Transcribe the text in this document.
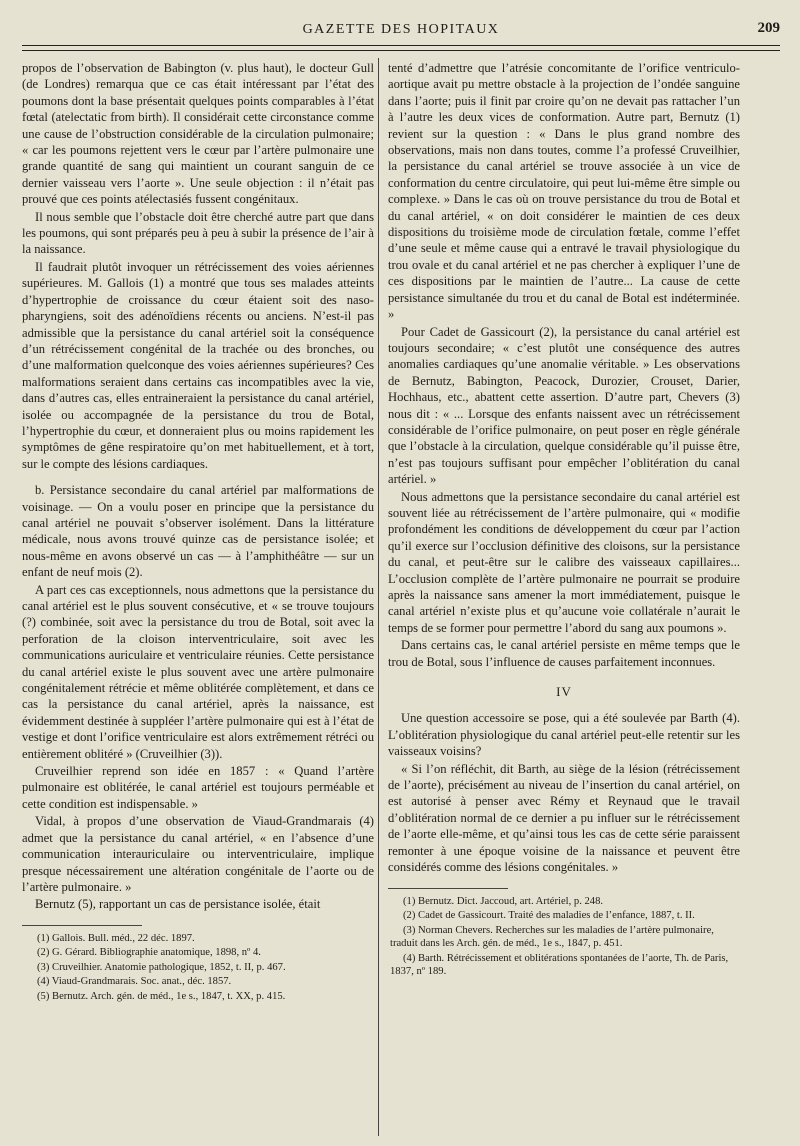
GAZETTE DES HOPITAUX	209

propos de l’observation de Babington (v. plus haut), le docteur Gull (de Londres) remarqua que ce cas était intéressant par l’état des poumons dont la base présentait quelques points comparables à l’état fœtal (atelectatic from birth). Il considérait cette circonstance comme une cause de l’obstruction considérable de la circulation pulmonaire; « car les poumons rejettent vers le cœur par l’artère pulmonaire une grande quantité de sang qui maintient un courant sanguin de ce dernier vaisseau vers l’aorte ». Une seule objection : il n’était pas prouvé que ces points atélectasiés fussent congénitaux.

Il nous semble que l’obstacle doit être cherché autre part que dans les poumons, qui sont préparés peu à peu à subir la présence de l’air à la naissance.

Il faudrait plutôt invoquer un rétrécissement des voies aériennes supérieures. M. Gallois (1) a montré que tous ses malades atteints d’hypertrophie de croissance du cœur étaient soit des naso-pharyngiens, soit des adénoïdiens récents ou anciens. N’est-il pas admissible que la persistance du canal artériel soit la conséquence d’un rétrécissement congénital de la trachée ou des bronches, ou d’une malformation quelconque des voies aériennes supérieures? Ces malformations seraient dans certains cas incompatibles avec la vie, dans d’autres cas, elles entraineraient la persistance du canal artériel, isolée ou accompagnée de la persistance du trou de Botal, l’hypertrophie du cœur, et donneraient plus ou moins rapidement les symptômes de gêne respiratoire qu’on met habituellement, et à tort, sur le compte des lésions cardiaques.

b. Persistance secondaire du canal artériel par malformations de voisinage. — On a voulu poser en principe que la persistance du canal artériel ne pouvait s’observer isolément. Dans la littérature médicale, nous avons trouvé quinze cas de persistance isolée; et nous-même en avons observé un cas — à l’amphithéâtre — sur un enfant de neuf mois (2).

A part ces cas exceptionnels, nous admettons que la persistance du canal artériel est le plus souvent consécutive, et « se trouve toujours (?) combinée, soit avec la persistance du trou de Botal, soit avec la perforation de la cloison interventriculaire, soit avec les communications auriculaire et ventriculaire réunies. Cette persistance du canal artériel existe le plus souvent avec une artère pulmonaire congénitalement rétrécie et même oblitérée complètement, et dans ce cas la persistance du canal artériel, après la naissance, est évidemment destinée à suppléer l’artère pulmonaire qui est à l’état de vestige et dont l’orifice ventriculaire est alors extrêmement rétréci ou entièrement oblitéré » (Cruveilhier (3)).

Cruveilhier reprend son idée en 1857 : « Quand l’artère pulmonaire est oblitérée, le canal artériel est toujours perméable et cette condition est indispensable. »

Vidal, à propos d’une observation de Viaud-Grandmarais (4) admet que la persistance du canal artériel, « en l’absence d’une communication interauriculaire ou interventriculaire, implique presque nécessairement une altération congénitale de l’aorte ou de l’artère pulmonaire. »

Bernutz (5), rapportant un cas de persistance isolée, était

(1) Gallois. Bull. méd., 22 déc. 1897.

(2) G. Gérard. Bibliographie anatomique, 1898, nº 4.

(3) Cruveilhier. Anatomie pathologique, 1852, t. II, p. 467.

(4) Viaud-Grandmarais. Soc. anat., déc. 1857.

(5) Bernutz. Arch. gén. de méd., 1e s., 1847, t. XX, p. 415.

tenté d’admettre que l’atrésie concomitante de l’orifice ventriculo-aortique avait pu mettre obstacle à la projection de l’ondée sanguine dans l’aorte; puis il finit par croire qu’on ne devait pas rattacher l’un à l’autre les deux vices de conformation. Autre part, Bernutz (1) revient sur la question : « Dans le plus grand nombre des observations, mais non dans toutes, comme l’a professé Cruveilhier, la persistance du canal artériel se trouve associée à un vice de conformation du centre circulatoire, qui peut lui-même être simple ou complexe. » Dans le cas où on trouve persistance du trou de Botal et du canal artériel, « on doit considérer le maintien de ces deux dispositions du troisième mode de circulation fœtale, comme l’effet d’une seule et même cause qui a entravé le travail physiologique du trou ovale et du canal artériel et ne pas chercher à expliquer l’une de ces dispositions par le maintien de l’autre... La cause de cette persistance simultanée du trou et du canal de Botal est indéterminée. »

Pour Cadet de Gassicourt (2), la persistance du canal artériel est toujours secondaire; « c’est plutôt une conséquence des autres anomalies cardiaques qu’une anomalie véritable. » Les observations de Bernutz, Babington, Peacock, Durozier, Crouset, Darier, Hochhaus, etc., abattent cette assertion. D’autre part, Chevers (3) nous dit : « ... Lorsque des enfants naissent avec un rétrécissement considérable de l’orifice pulmonaire, on peut poser en règle générale que l’obstacle à la circulation, quelque considérable qu’il puisse être, n’est pas toujours suffisant pour empêcher l’oblitération du canal artériel. »

Nous admettons que la persistance secondaire du canal artériel est souvent liée au rétrécissement de l’artère pulmonaire, qui « modifie profondément les conditions de développement du cœur par l’action qu’il exerce sur l’occlusion définitive des cloisons, sur la persistance du canal, et peut-être sur le calibre des vaisseaux capillaires... L’occlusion complète de l’artère pulmonaire ne pourrait se produire après la naissance sans amener la mort immédiatement, puisque le canal artériel n’existe plus et qu’aucune voie collatérale n’aurait le temps de se former pour permettre l’abord du sang aux poumons ».

Dans certains cas, le canal artériel persiste en même temps que le trou de Botal, sous l’influence de causes parfaitement inconnues.

IV

Une question accessoire se pose, qui a été soulevée par Barth (4). L’oblitération physiologique du canal artériel peut-elle retentir sur les vaisseaux voisins?

« Si l’on réfléchit, dit Barth, au siège de la lésion (rétrécissement de l’aorte), précisément au niveau de l’insertion du canal artériel, on est autorisé à penser avec Rémy et Reynaud que le travail d’oblitération normal de ce dernier a pu influer sur le rétrécissement de l’aorte elle-même, et qu’ainsi tous les cas de cette série paraissent remonter à une époque voisine de la naissance et peuvent être considérés comme des lésions congénitales. »

(1) Bernutz. Dict. Jaccoud, art. Artériel, p. 248.

(2) Cadet de Gassicourt. Traité des maladies de l’enfance, 1887, t. II.

(3) Norman Chevers. Recherches sur les maladies de l’artère pulmonaire, traduit dans les Arch. gén. de méd., 1e s., 1847, p. 451.

(4) Barth. Rétrécissement et oblitérations spontanées de l’aorte, Th. de Paris, 1837, nº 189.
